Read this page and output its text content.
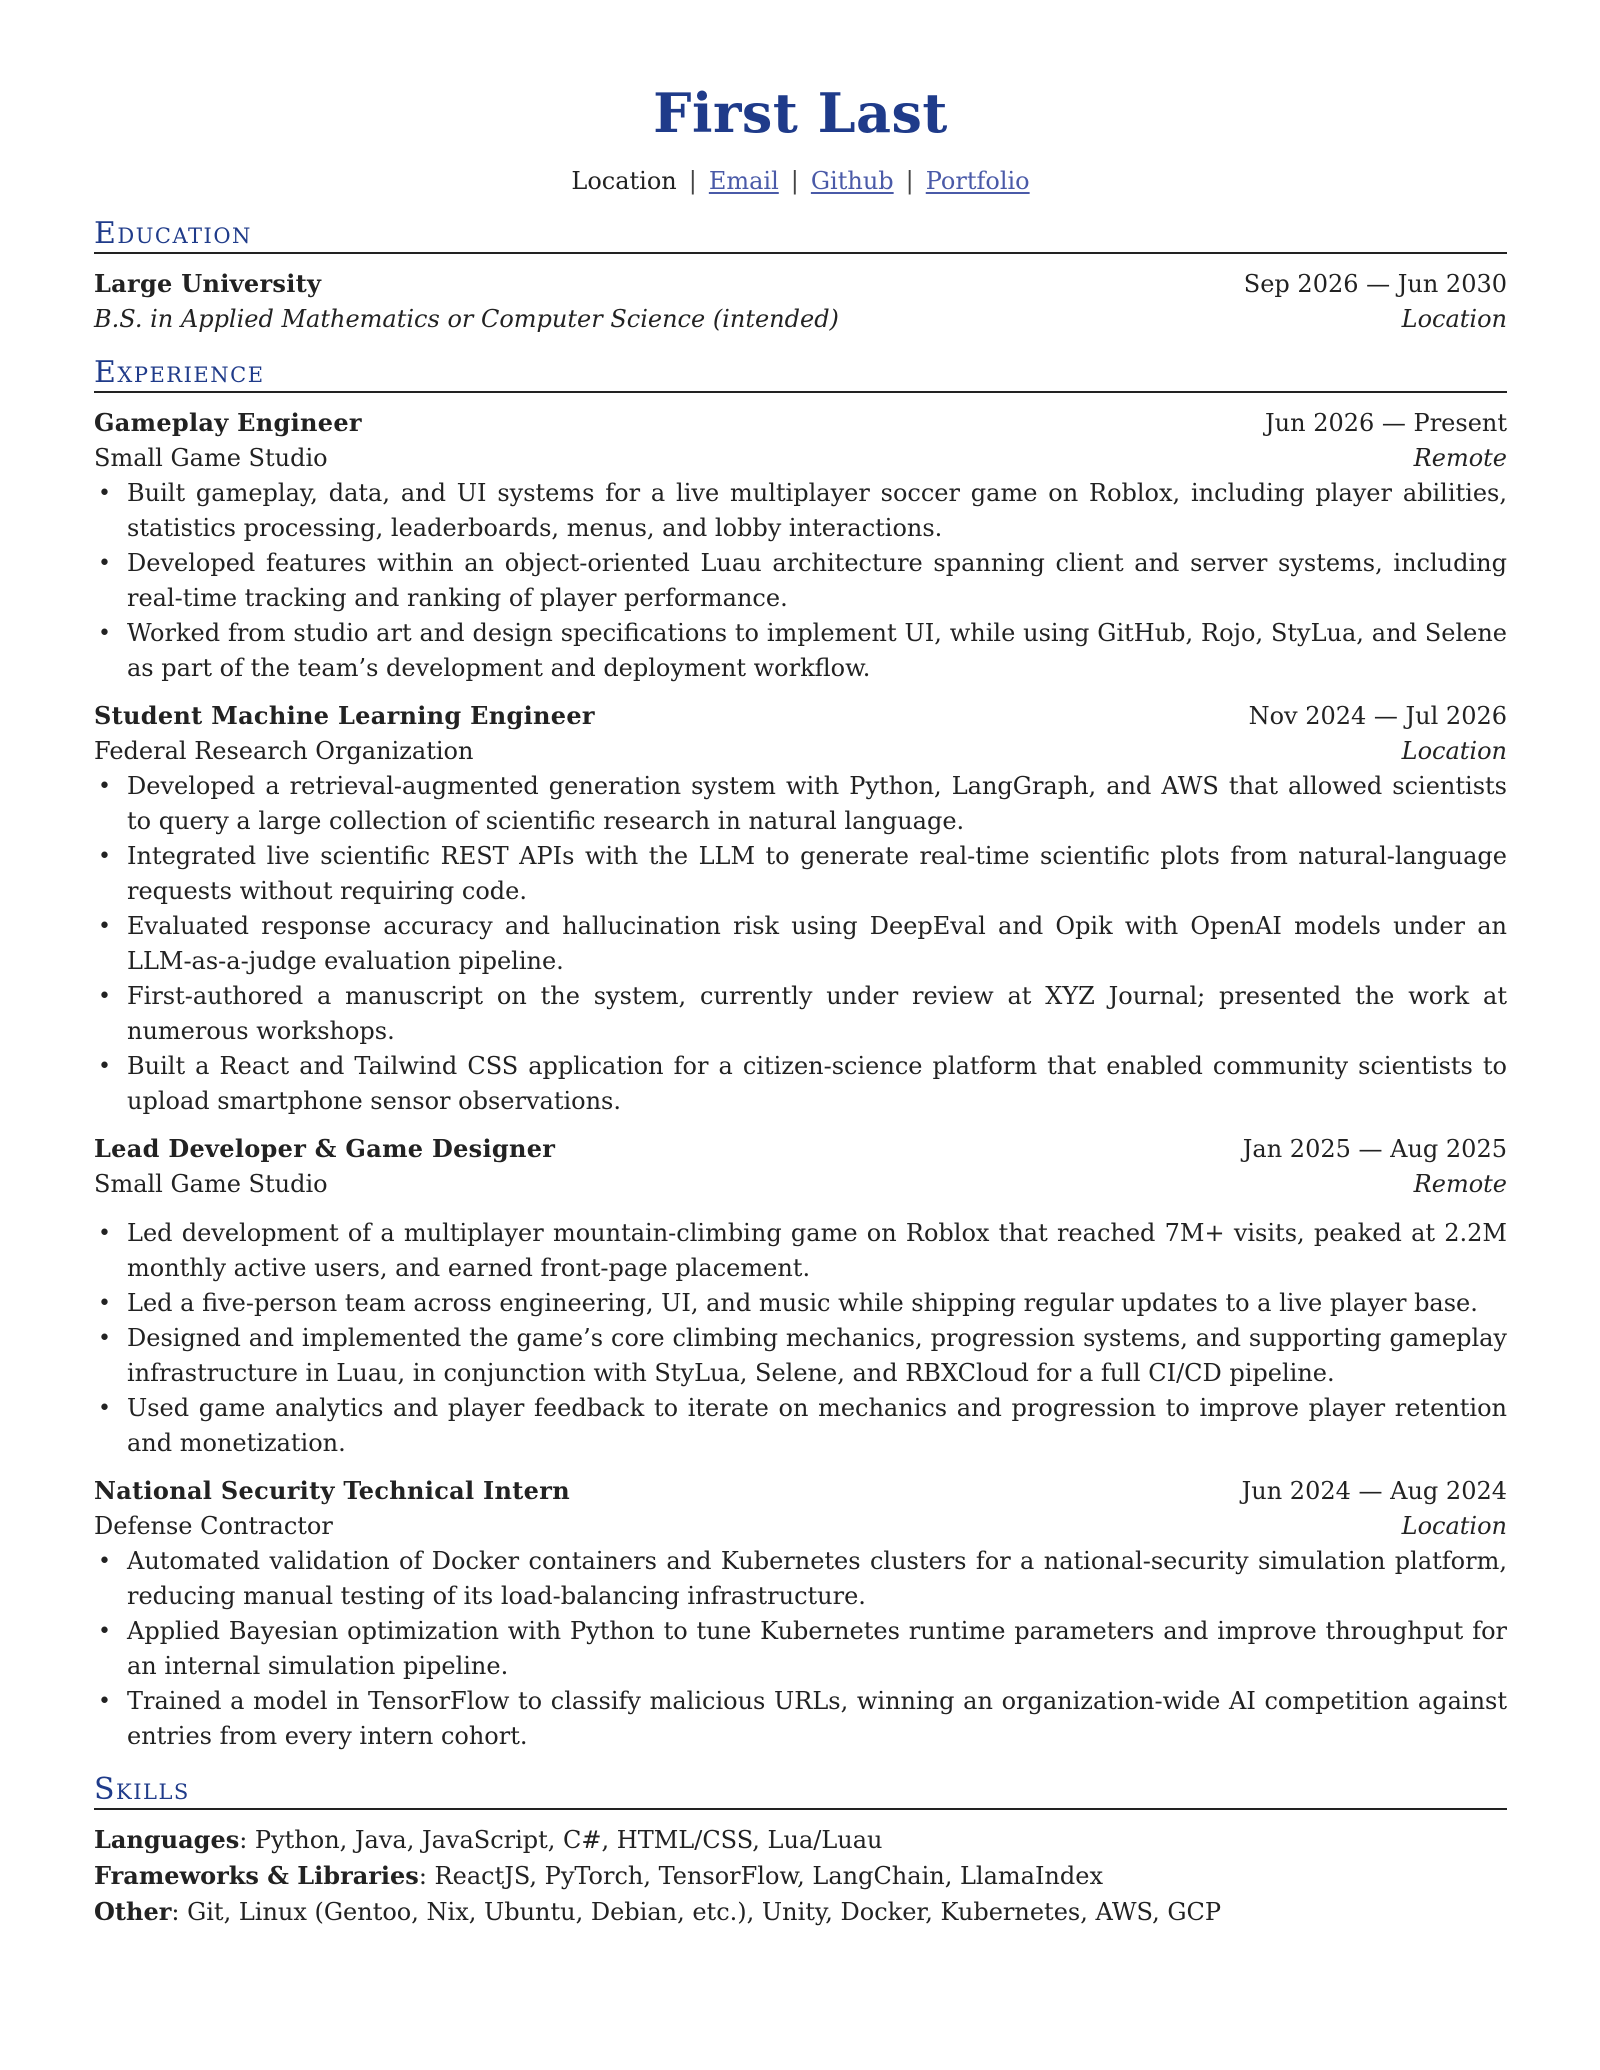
First Last
Location | Email | Github | Portfolio
Education
Large University	Sep 2026 — Jun 2030
B.S. in Applied Mathematics or Computer Science (intended)	Location
Experience
Gameplay Engineer	Jun 2026 — Present
Small Game Studio	Remote
• Built gameplay, data, and UI systems for a live multiplayer soccer game on Roblox, including player abilities, statistics processing, leaderboards, menus, and lobby interactions.
• Developed features within an object-oriented Luau architecture spanning client and server systems, including real-time tracking and ranking of player performance.
• Worked from studio art and design specifications to implement UI, while using GitHub, Rojo, StyLua, and Selene as part of the team’s development and deployment workflow.
Student Machine Learning Engineer	Nov 2024 — Jul 2026
Federal Research Organization	Location
• Developed a retrieval-augmented generation system with Python, LangGraph, and AWS that allowed scientists to query a large collection of scientific research in natural language.
• Integrated live scientific REST APIs with the LLM to generate real-time scientific plots from natural-language requests without requiring code.
• Evaluated response accuracy and hallucination risk using DeepEval and Opik with OpenAI models under an LLM-as-a-judge evaluation pipeline.
• First-authored a manuscript on the system, currently under review at XYZ Journal; presented the work at numerous workshops.
• Built a React and Tailwind CSS application for a citizen-science platform that enabled community scientists to upload smartphone sensor observations.
Lead Developer & Game Designer	Jan 2025 — Aug 2025
Small Game Studio	Remote
• Led development of a multiplayer mountain-climbing game on Roblox that reached 7M+ visits, peaked at 2.2M monthly active users, and earned front-page placement.
• Led a five-person team across engineering, UI, and music while shipping regular updates to a live player base.
• Designed and implemented the game’s core climbing mechanics, progression systems, and supporting gameplay infrastructure in Luau, in conjunction with StyLua, Selene, and RBXCloud for a full CI/CD pipeline.
• Used game analytics and player feedback to iterate on mechanics and progression to improve player retention and monetization.
National Security Technical Intern	Jun 2024 — Aug 2024
Defense Contractor	Location
• Automated validation of Docker containers and Kubernetes clusters for a national-security simulation platform, reducing manual testing of its load-balancing infrastructure.
• Applied Bayesian optimization with Python to tune Kubernetes runtime parameters and improve throughput for an internal simulation pipeline.
• Trained a model in TensorFlow to classify malicious URLs, winning an organization-wide AI competition against entries from every intern cohort.
Skills
Languages: Python, Java, JavaScript, C#, HTML/CSS, Lua/Luau
Frameworks & Libraries: ReactJS, PyTorch, TensorFlow, LangChain, LlamaIndex
Other: Git, Linux (Gentoo, Nix, Ubuntu, Debian, etc.), Unity, Docker, Kubernetes, AWS, GCP
